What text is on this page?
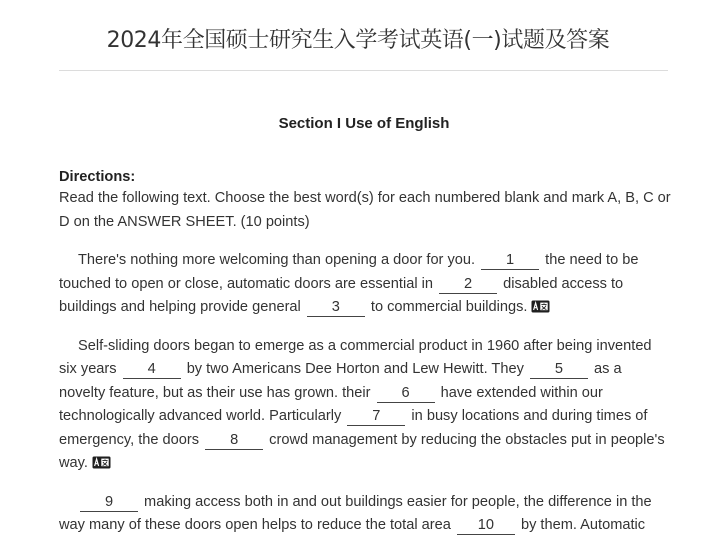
2024年全国硕士研究生入学考试英语(一)试题及答案
Section I Use of English
Directions:

Read the following text. Choose the best word(s) for each numbered blank and mark A, B, C or D on the ANSWER SHEET. (10 points)

There's nothing more welcoming than opening a door for you. 1 the need to be touched to open or close, automatic doors are essential in 2 disabled access to buildings and helping provide general 3 to commercial buildings.

Self-sliding doors began to emerge as a commercial product in 1960 after being invented six years 4 by two Americans Dee Horton and Lew Hewitt. They 5 as a novelty feature, but as their use has grown. their 6 have extended within our technologically advanced world. Particularly 7 in busy locations and during times of emergency, the doors 8 crowd management by reducing the obstacles put in people's way.

9 making access both in and out buildings easier for people, the difference in the way many of these doors open helps to reduce the total area 10 by them. Automatic
